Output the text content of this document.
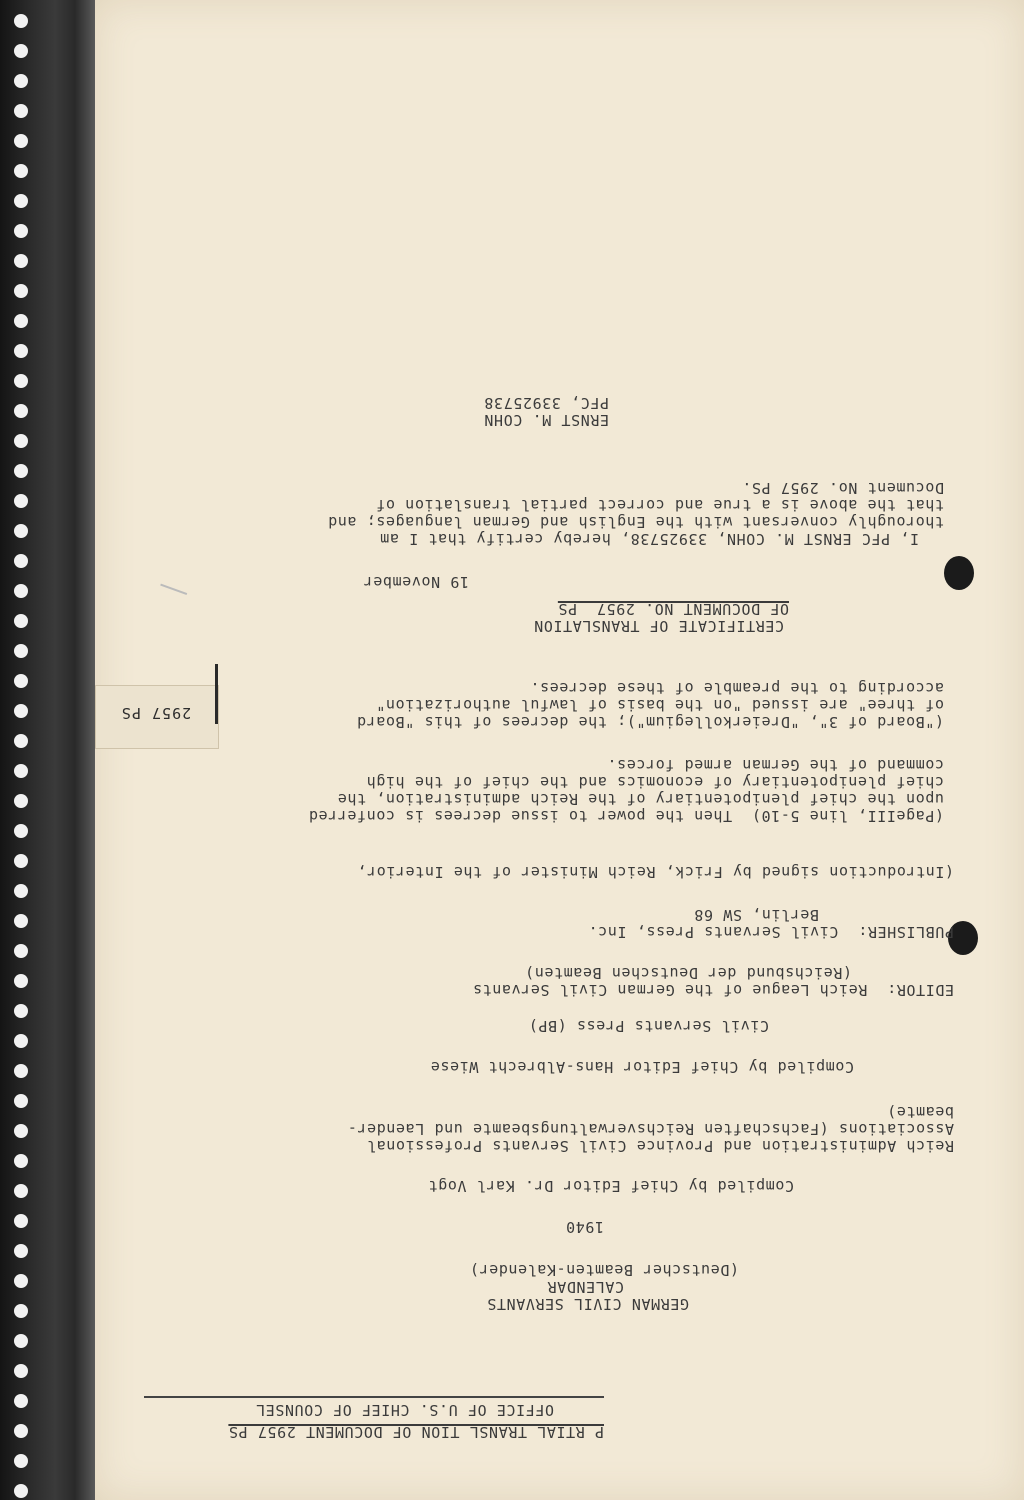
2957 PS
P RTIAL TRANSL TION OF DOCUMENT 2957 PS
OFFICE OF U.S. CHIEF OF COUNSEL
GERMAN CIVIL SERVANTS
CALENDAR
(Deutscher Beamten-Kalender)
1940
Compiled by Chief Editor Dr. Karl Vogt
Reich Administration and Province Civil Servants Professional
Associations (Fachschaften Reichsverwaltungsbeamte und Laender-
beamte)
Compiled by Chief Editor Hans-Albrecht Wiese
Civil Servants Press (BP)
EDITOR:  Reich League of the German Civil Servants
(Reichsbund der Deutschen Beamten)
PUBLISHER:  Civil Servants Press, Inc.
Berlin, SW 68
(Introduction signed by Frick, Reich Minister of the Interior,
(PageIII, line 5-10)  Then the power to issue decrees is conferred
upon the chief plenipotentiary of the Reich administration, the
chief plenipotentiary of economics and the chief of the high
command of the German armed forces.
("Board of 3", "Dreierkollegium"); the decrees of this "Board
of three" are issued "on the basis of lawful authorization"
according to the preamble of these decrees.
CERTIFICATE OF TRANSLATION
OF DOCUMENT NO. 2957  PS
19 November
I, PFC ERNST M. COHN, 33925738, hereby certify that I am
thoroughly conversant with the English and German languages; and
that the above is a true and correct partial translation of
Document No. 2957 PS.
ERNST M. COHN
PFC, 33925738
